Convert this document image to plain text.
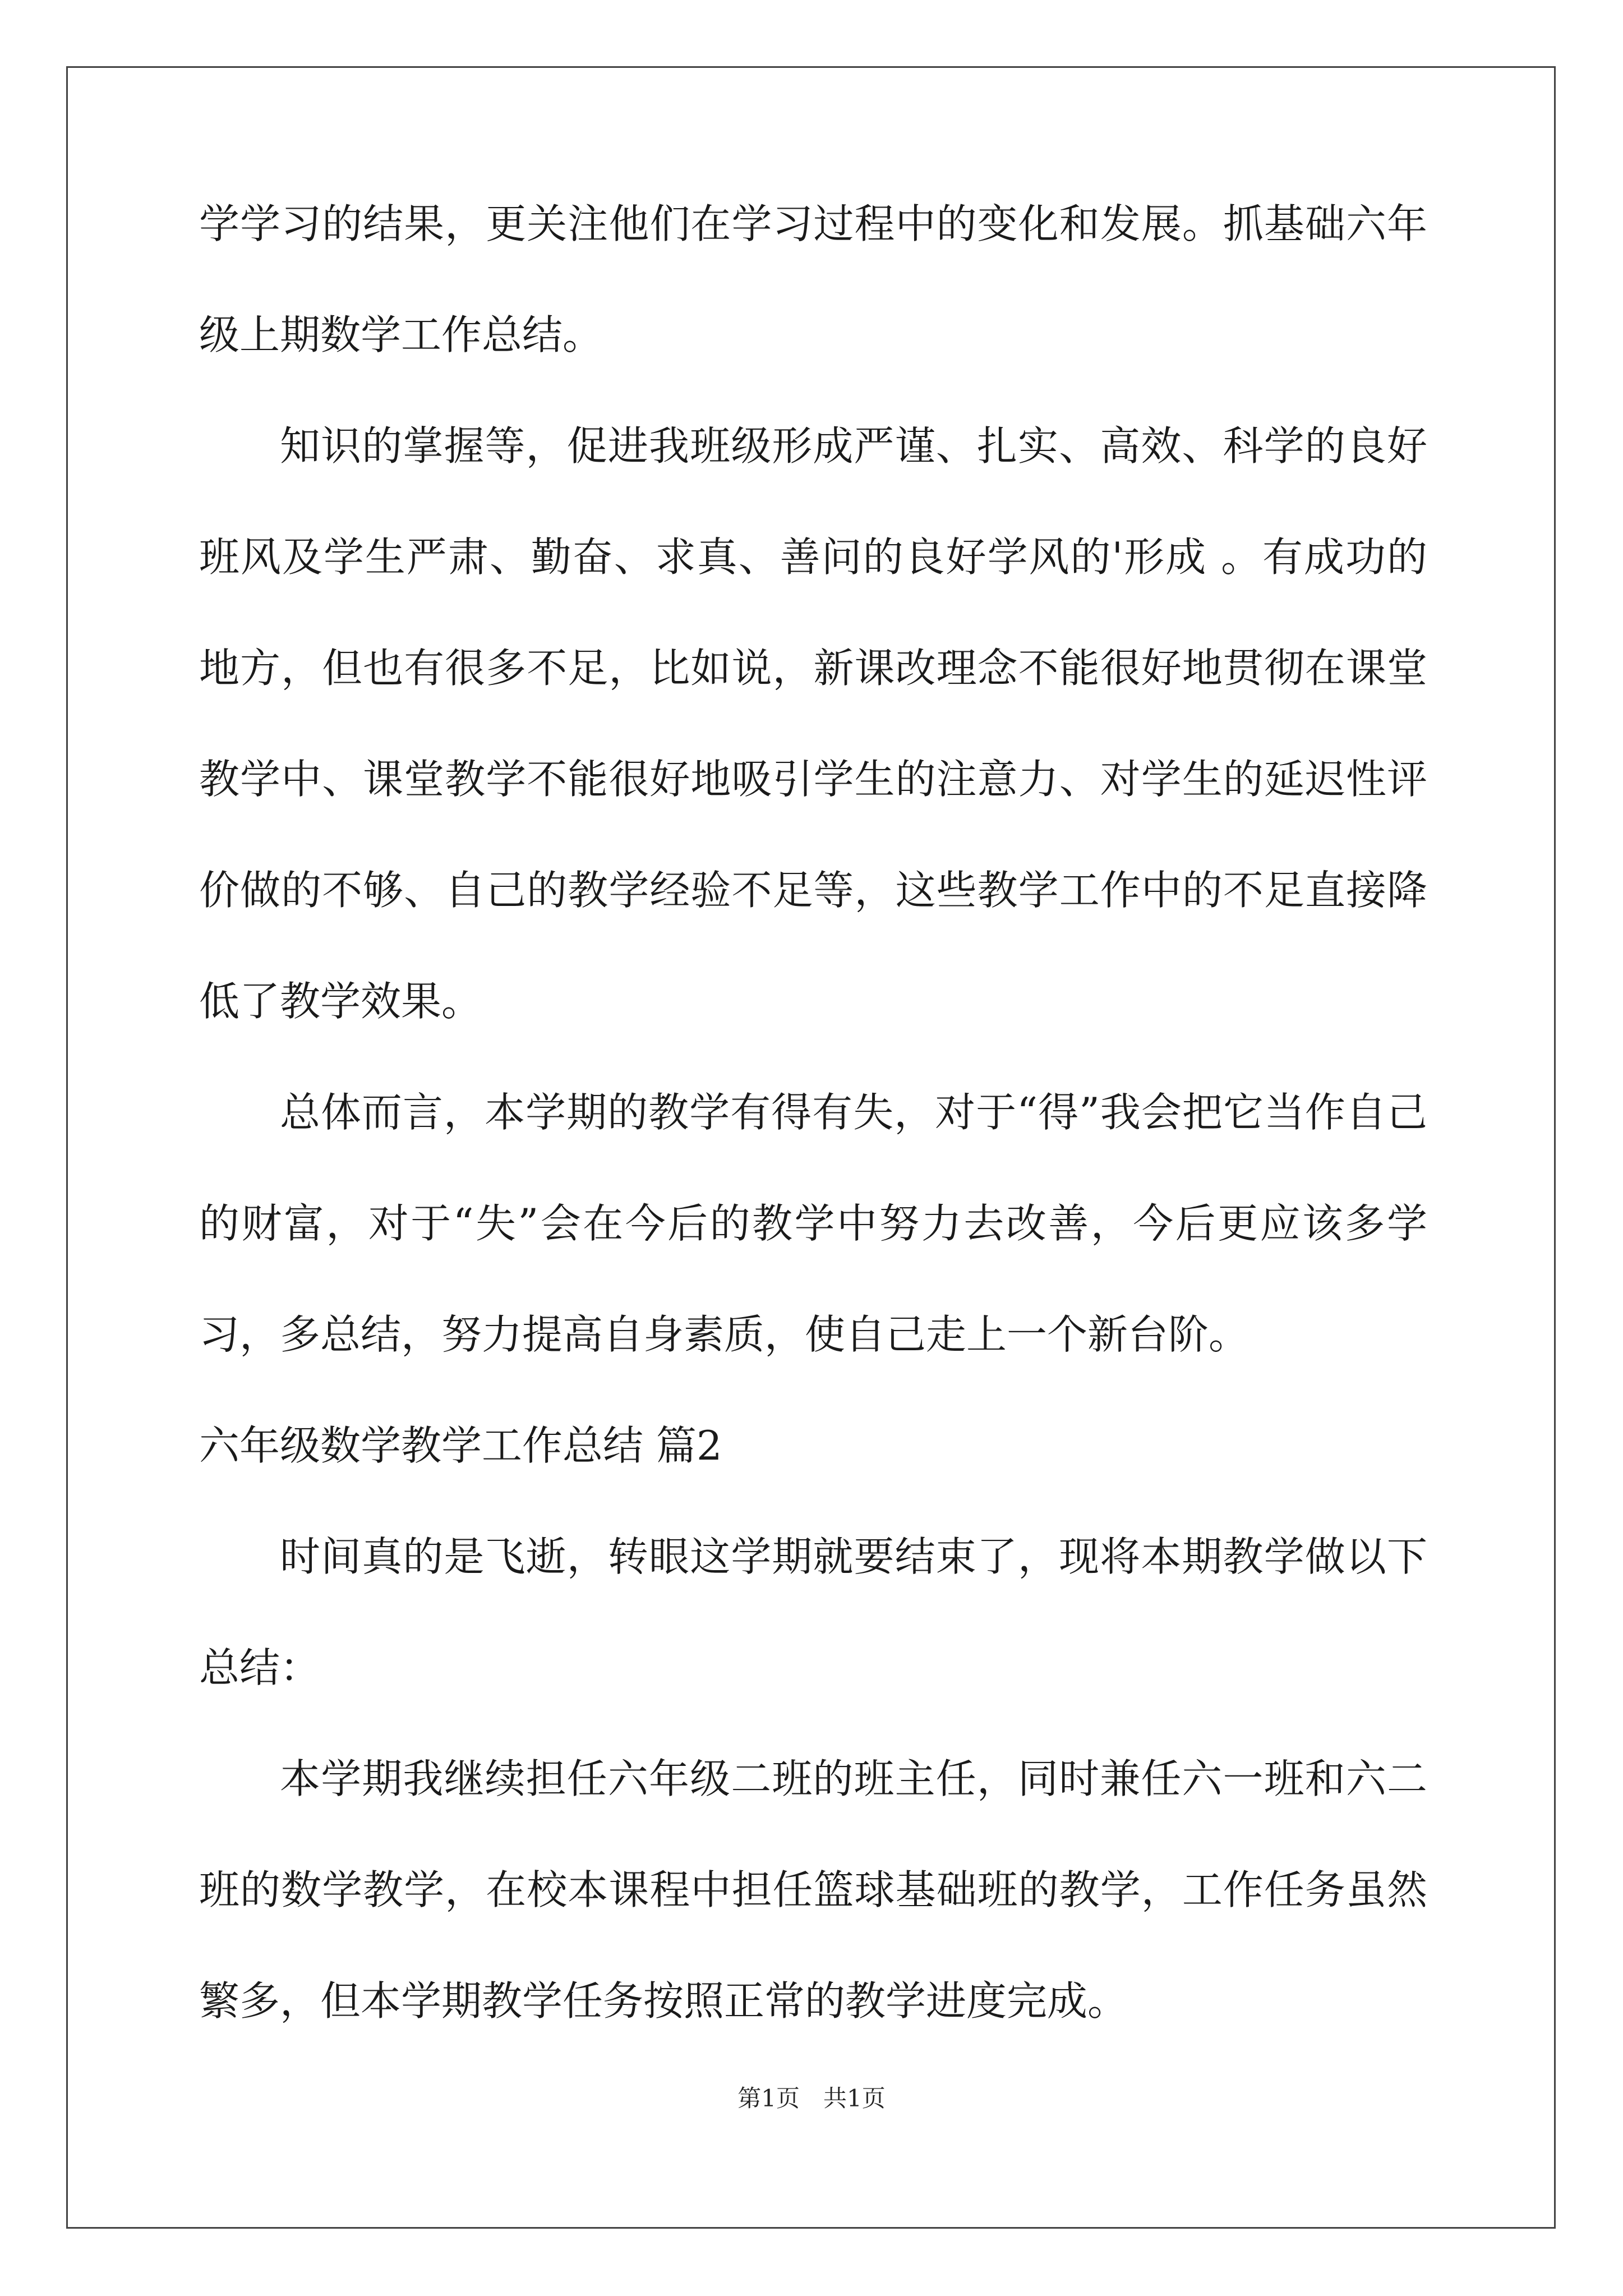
学学习的结果，更关注他们在学习过程中的变化和发展。抓基础六年级上期数学工作总结。

知识的掌握等，促进我班级形成严谨、扎实、高效、科学的良好班风及学生严肃、勤奋、求真、善问的良好学风的'形成 。有成功的地方，但也有很多不足，比如说，新课改理念不能很好地贯彻在课堂教学中、课堂教学不能很好地吸引学生的注意力、对学生的延迟性评价做的不够、自己的教学经验不足等，这些教学工作中的不足直接降低了教学效果。

总体而言，本学期的教学有得有失，对于“得”我会把它当作自己的财富，对于“失”会在今后的教学中努力去改善，今后更应该多学习，多总结，努力提高自身素质，使自己走上一个新台阶。

六年级数学教学工作总结 篇2

时间真的是飞逝，转眼这学期就要结束了，现将本期教学做以下总结：

本学期我继续担任六年级二班的班主任，同时兼任六一班和六二班的数学教学，在校本课程中担任篮球基础班的教学，工作任务虽然繁多，但本学期教学任务按照正常的教学进度完成。

第1页　共1页
